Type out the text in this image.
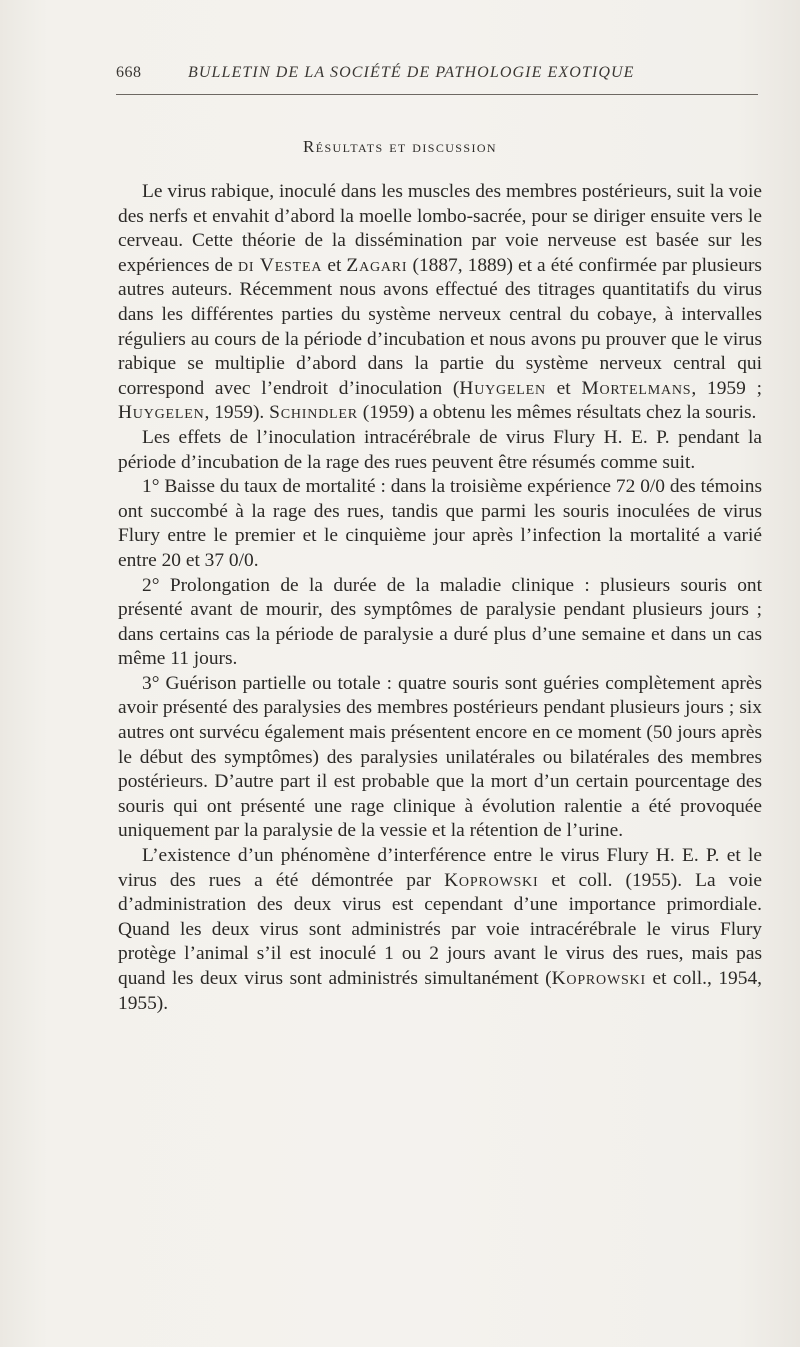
668	BULLETIN DE LA SOCIÉTÉ DE PATHOLOGIE EXOTIQUE
Résultats et discussion

Le virus rabique, inoculé dans les muscles des membres postérieurs, suit la voie des nerfs et envahit d’abord la moelle lombo-sacrée, pour se diriger ensuite vers le cerveau. Cette théorie de la dissémination par voie nerveuse est basée sur les expériences de di Vestea et Zagari (1887, 1889) et a été confirmée par plusieurs autres auteurs. Récemment nous avons effectué des titrages quantitatifs du virus dans les différentes parties du système nerveux central du cobaye, à intervalles réguliers au cours de la période d’incubation et nous avons pu prouver que le virus rabique se multiplie d’abord dans la partie du système nerveux central qui correspond avec l’endroit d’inoculation (Huygelen et Mortelmans, 1959 ; Huygelen, 1959). Schindler (1959) a obtenu les mêmes résultats chez la souris.

Les effets de l’inoculation intracérébrale de virus Flury H. E. P. pendant la période d’incubation de la rage des rues peuvent être résumés comme suit.

1° Baisse du taux de mortalité : dans la troisième expérience 72 0/0 des témoins ont succombé à la rage des rues, tandis que parmi les souris inoculées de virus Flury entre le premier et le cinquième jour après l’infection la mortalité a varié entre 20 et 37 0/0.

2° Prolongation de la durée de la maladie clinique : plusieurs souris ont présenté avant de mourir, des symptômes de paralysie pendant plusieurs jours ; dans certains cas la période de paralysie a duré plus d’une semaine et dans un cas même 11 jours.

3° Guérison partielle ou totale : quatre souris sont guéries complètement après avoir présenté des paralysies des membres postérieurs pendant plusieurs jours ; six autres ont survécu également mais présentent encore en ce moment (50 jours après le début des symptômes) des paralysies unilatérales ou bilatérales des membres postérieurs. D’autre part il est probable que la mort d’un certain pourcentage des souris qui ont présenté une rage clinique à évolution ralentie a été provoquée uniquement par la paralysie de la vessie et la rétention de l’urine.

L’existence d’un phénomène d’interférence entre le virus Flury H. E. P. et le virus des rues a été démontrée par Koprowski et coll. (1955). La voie d’administration des deux virus est cependant d’une importance primordiale. Quand les deux virus sont administrés par voie intracérébrale le virus Flury protège l’animal s’il est inoculé 1 ou 2 jours avant le virus des rues, mais pas quand les deux virus sont administrés simultanément (Koprowski et coll., 1954, 1955).
